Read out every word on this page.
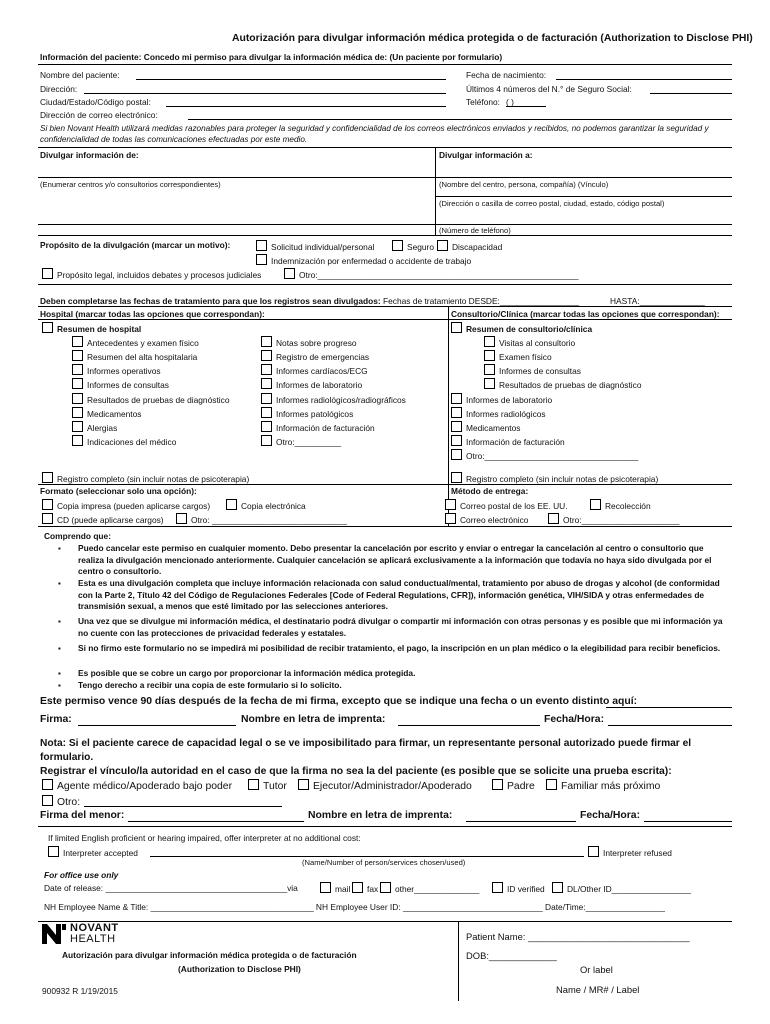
Autorización para divulgar información médica protegida o de facturación (Authorization to Disclose PHI)
Información del paciente: Concedo mi permiso para divulgar la información médica de: (Un paciente por formulario)
Nombre del paciente:
Dirección:
Ciudad/Estado/Código postal:
Dirección de correo electrónico:
Fecha de nacimiento:
Últimos 4 números del N.° de Seguro Social:
Teléfono: ( )
Si bien Novant Health utilizará medidas razonables para proteger la seguridad y confidencialidad de los correos electrónicos enviados y recibidos, no podemos garantizar la seguridad y confidencialidad de todas las comunicaciones efectuadas por este medio.
Divulgar información de:	Divulgar información a:
(Enumerar centros y/o consultorios correspondientes)	(Nombre del centro, persona, compañía) (Vínculo)
(Dirección o casilla de correo postal, ciudad, estado, código postal)
(Número de teléfono)
Propósito de la divulgación (marcar un motivo):	Solicitud individual/personal	Seguro	Discapacidad
Indemnización por enfermedad o accidente de trabajo
Propósito legal, incluidos debates y procesos judiciales	Otro:________________________________________________________
Deben completarse las fechas de tratamiento para que los registros sean divulgados: Fechas de tratamiento DESDE:_________________	HASTA:______________
Hospital (marcar todas las opciones que correspondan):	Consultorio/Clínica (marcar todas las opciones que correspondan):
Resumen de hospital
Antecedentes y examen físico
Resumen del alta hospitalaria
Informes operativos
Informes de consultas
Resultados de pruebas de diagnóstico
Medicamentos
Alergias
Indicaciones del médico
Notas sobre progreso
Registro de emergencias
Informes cardíacos/ECG
Informes de laboratorio
Informes radiológicos/radiográficos
Informes patológicos
Información de facturación
Otro:__________
Registro completo (sin incluir notas de psicoterapia)
Resumen de consultorio/clínica
Visitas al consultorio
Examen físico
Informes de consultas
Resultados de pruebas de diagnóstico
Informes de laboratorio
Informes radiológicos
Medicamentos
Información de facturación
Otro:_________________________________
Registro completo (sin incluir notas de psicoterapia)
Formato (seleccionar solo una opción):
Copia impresa (pueden aplicarse cargos)	Copia electrónica
CD (puede aplicarse cargos)	Otro: _____________________________
Método de entrega:
Correo postal de los EE. UU.	Recolección
Correo electrónico	Otro:_____________________
Comprendo que:
▪ Puedo cancelar este permiso en cualquier momento. Debo presentar la cancelación por escrito y enviar o entregar la cancelación al centro o consultorio que realiza la divulgación mencionado anteriormente. Cualquier cancelación se aplicará exclusivamente a la información que todavía no haya sido divulgada por el centro o consultorio.
▪ Esta es una divulgación completa que incluye información relacionada con salud conductual/mental, tratamiento por abuso de drogas y alcohol (de conformidad con la Parte 2, Título 42 del Código de Regulaciones Federales [Code of Federal Regulations, CFR]), información genética, VIH/SIDA y otras enfermedades de transmisión sexual, a menos que esté limitado por las selecciones anteriores.
▪ Una vez que se divulgue mi información médica, el destinatario podrá divulgar o compartir mi información con otras personas y es posible que mi información ya no cuente con las protecciones de privacidad federales y estatales.
▪ Si no firmo este formulario no se impedirá mi posibilidad de recibir tratamiento, el pago, la inscripción en un plan médico o la elegibilidad para recibir beneficios.
▪ Es posible que se cobre un cargo por proporcionar la información médica protegida.
▪ Tengo derecho a recibir una copia de este formulario si lo solicito.
Este permiso vence 90 días después de la fecha de mi firma, excepto que se indique una fecha o un evento distinto aquí:
Firma:	Nombre en letra de imprenta:	Fecha/Hora:
Nota: Si el paciente carece de capacidad legal o se ve imposibilitado para firmar, un representante personal autorizado puede firmar el formulario.
Registrar el vínculo/la autoridad en el caso de que la firma no sea la del paciente (es posible que se solicite una prueba escrita):
Agente médico/Apoderado bajo poder	Tutor	Ejecutor/Administrador/Apoderado	Padre	Familiar más próximo
Otro:
Firma del menor:	Nombre en letra de imprenta:	Fecha/Hora:
If limited English proficient or hearing impaired, offer interpreter at no additional cost:
Interpreter accepted
(Name/Number of person/services chosen/used)
Interpreter refused
For office use only
Date of release: _______________________________________via	mail	fax	other______________	ID verified	DL/Other ID_________________
NH Employee Name & Title: ___________________________________ NH Employee User ID: ______________________________ Date/Time:_________________
NOVANT
HEALTH
Autorización para divulgar información médica protegida o de facturación
(Authorization to Disclose PHI)
900932 R 1/19/2015
Patient Name: _______________________________
DOB:_____________
Or label
Name / MR# / Label
